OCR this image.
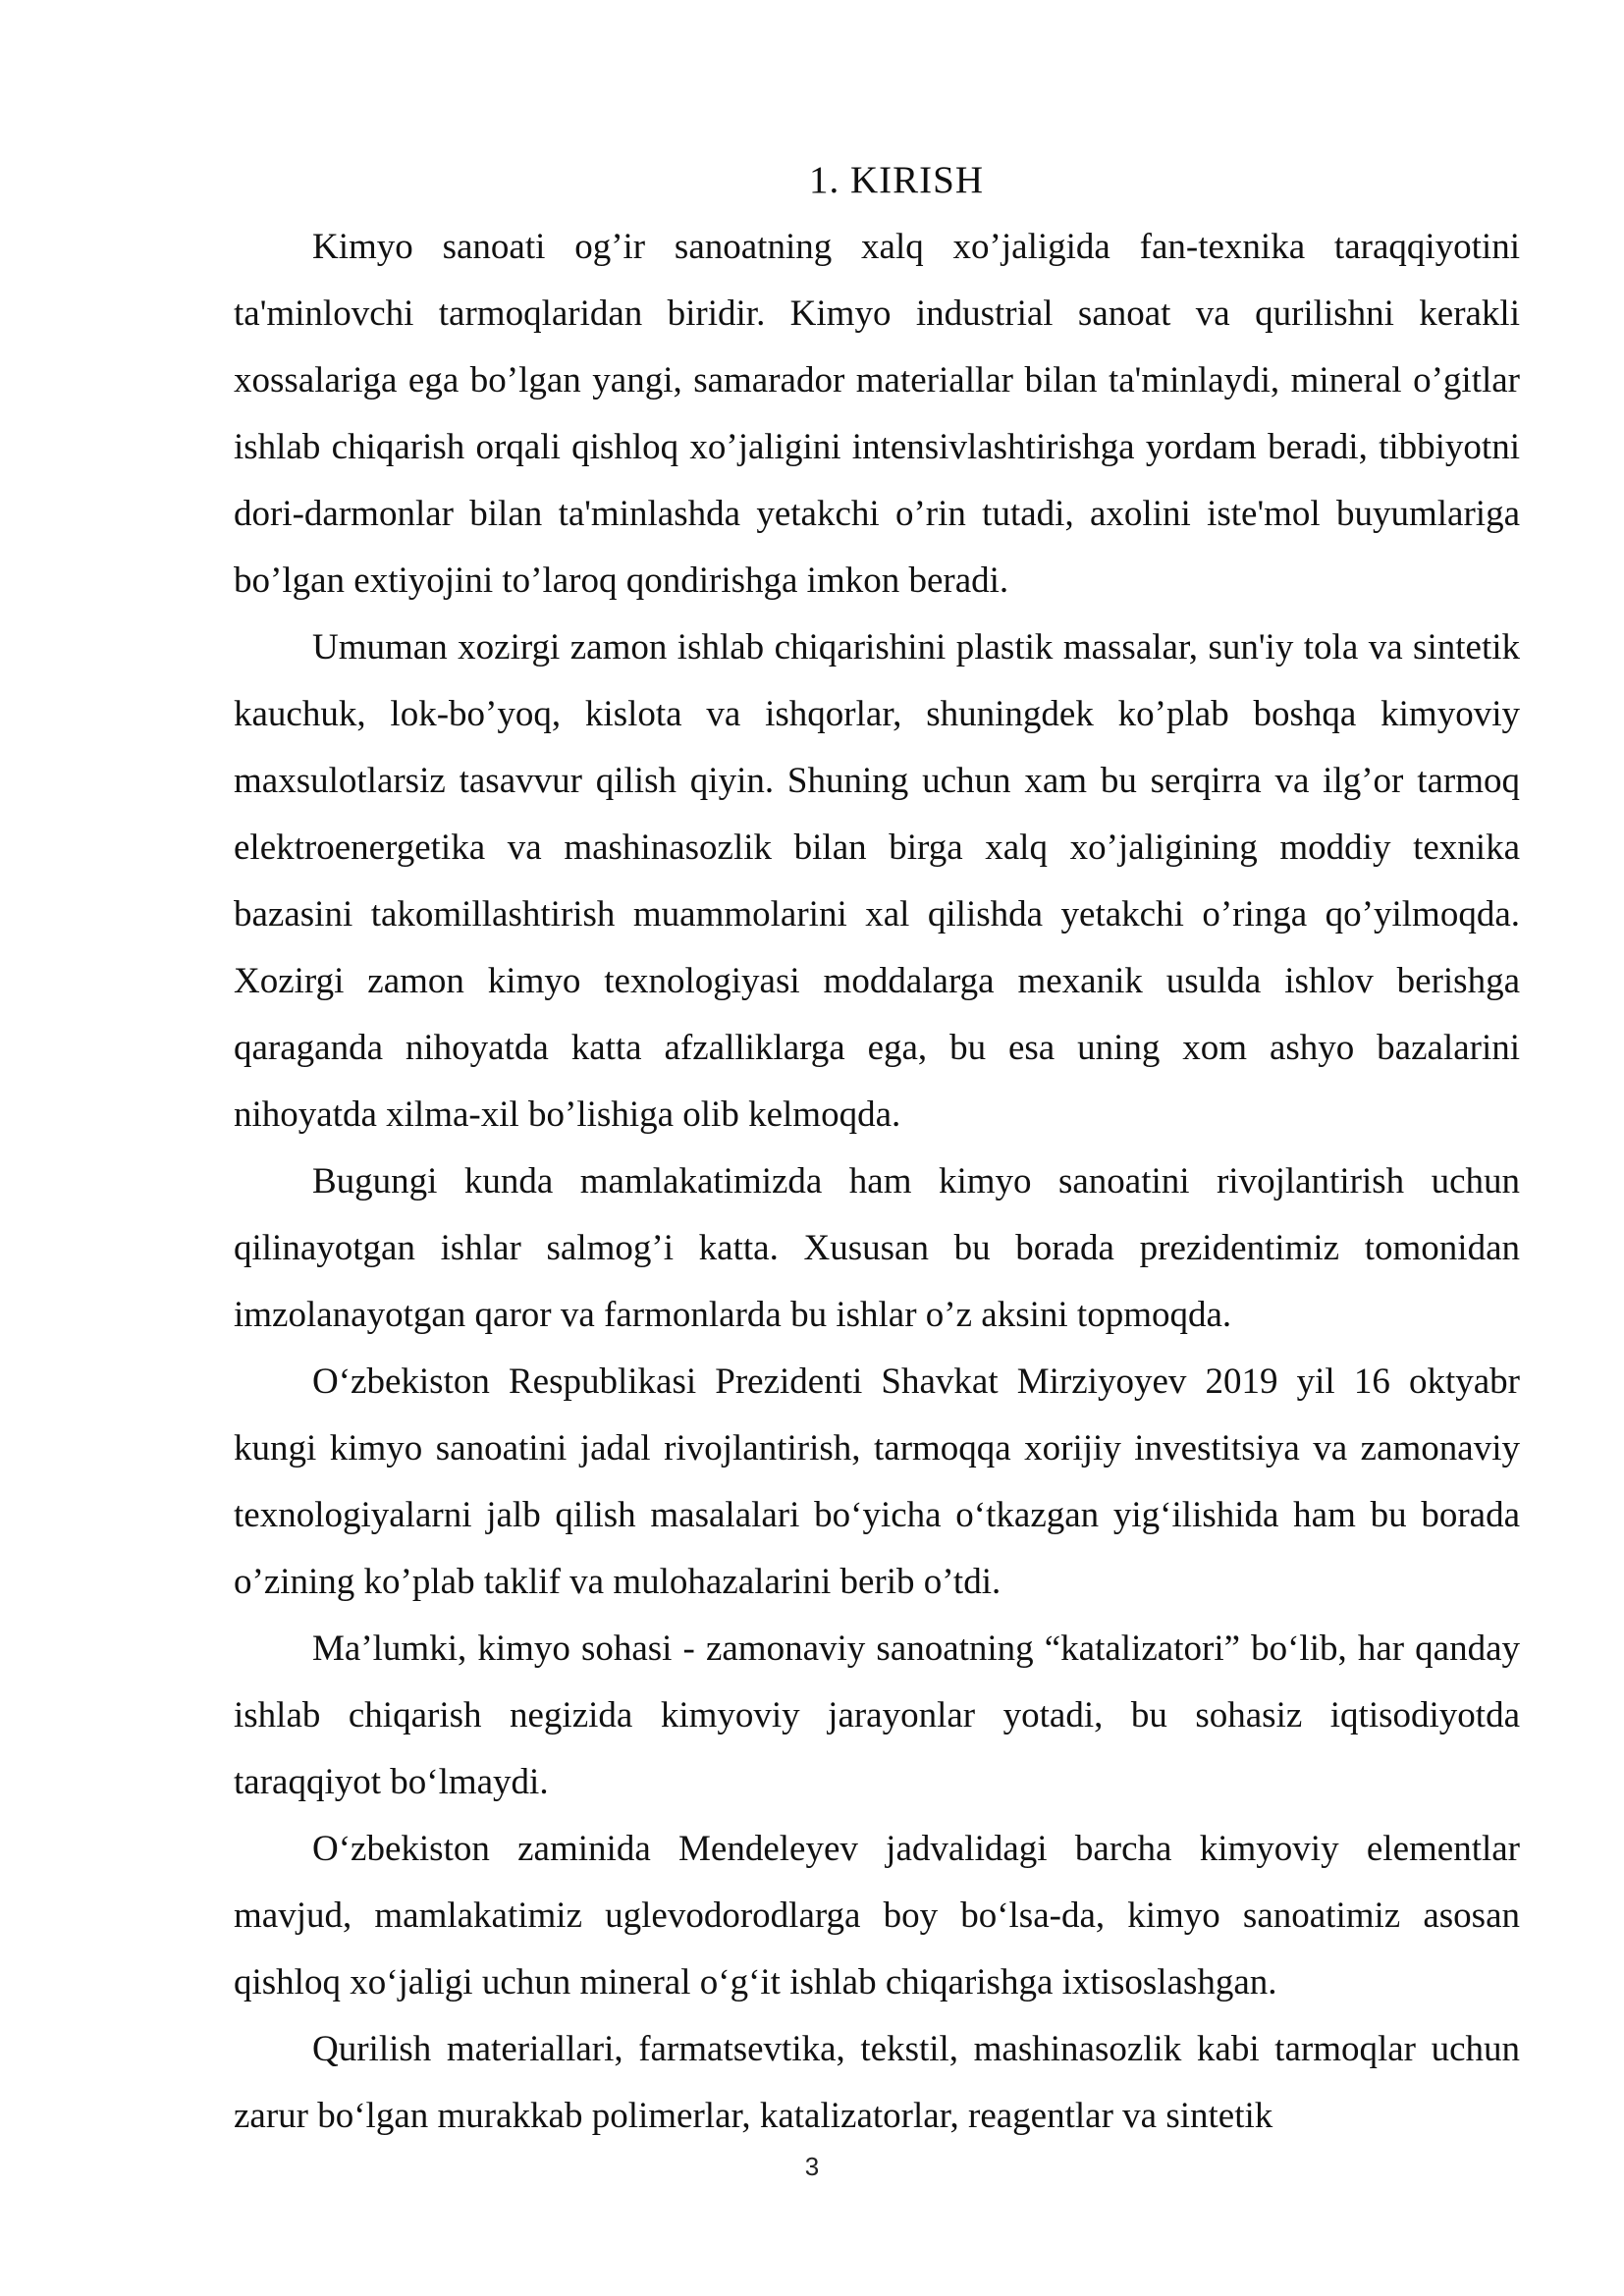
1. KIRISH

Kimyo sanoati og’ir sanoatning xalq xo’jaligida fan-texnika taraqqiyotini ta'minlovchi tarmoqlaridan biridir. Kimyo industrial sanoat va qurilishni kerakli xossalariga ega bo’lgan yangi, samarador materiallar bilan ta'minlaydi, mineral o’gitlar ishlab chiqarish orqali qishloq xo’jaligini intensivlashtirishga yordam beradi, tibbiyotni dori-darmonlar bilan ta'minlashda yetakchi o’rin tutadi, axolini iste'mol buyumlariga bo’lgan extiyojini to’laroq qondirishga imkon beradi.

Umuman xozirgi zamon ishlab chiqarishini plastik massalar, sun'iy tola va sintetik kauchuk, lok-bo’yoq, kislota va ishqorlar, shuningdek ko’plab boshqa kimyoviy maxsulotlarsiz tasavvur qilish qiyin. Shuning uchun xam bu serqirra va ilg’or tarmoq elektroenergetika va mashinasozlik bilan birga xalq xo’jaligining moddiy texnika bazasini takomillashtirish muammolarini xal qilishda yetakchi o’ringa qo’yilmoqda. Xozirgi zamon kimyo texnologiyasi moddalarga mexanik usulda ishlov berishga qaraganda nihoyatda katta afzalliklarga ega, bu esa uning xom ashyo bazalarini nihoyatda xilma-xil bo’lishiga olib kelmoqda.

Bugungi kunda mamlakatimizda ham kimyo sanoatini rivojlantirish uchun qilinayotgan ishlar salmog’i katta. Xususan bu borada prezidentimiz tomonidan imzolanayotgan qaror va farmonlarda bu ishlar o’z aksini topmoqda.

O‘zbekiston Respublikasi Prezidenti Shavkat Mirziyoyev 2019 yil 16 oktyabr kungi kimyo sanoatini jadal rivojlantirish, tarmoqqa xorijiy investitsiya va zamonaviy texnologiyalarni jalb qilish masalalari bo‘yicha o‘tkazgan yig‘ilishida ham bu borada o’zining ko’plab taklif va mulohazalarini berib o’tdi.

Ma’lumki, kimyo sohasi - zamonaviy sanoatning “katalizatori” bo‘lib, har qanday ishlab chiqarish negizida kimyoviy jarayonlar yotadi, bu sohasiz iqtisodiyotda taraqqiyot bo‘lmaydi.

O‘zbekiston zaminida Mendeleyev jadvalidagi barcha kimyoviy elementlar mavjud, mamlakatimiz uglevodorodlarga boy bo‘lsa-da, kimyo sanoatimiz asosan qishloq xo‘jaligi uchun mineral o‘g‘it ishlab chiqarishga ixtisoslashgan.

Qurilish materiallari, farmatsevtika, tekstil, mashinasozlik kabi tarmoqlar uchun zarur bo‘lgan murakkab polimerlar, katalizatorlar, reagentlar va sintetik

3
